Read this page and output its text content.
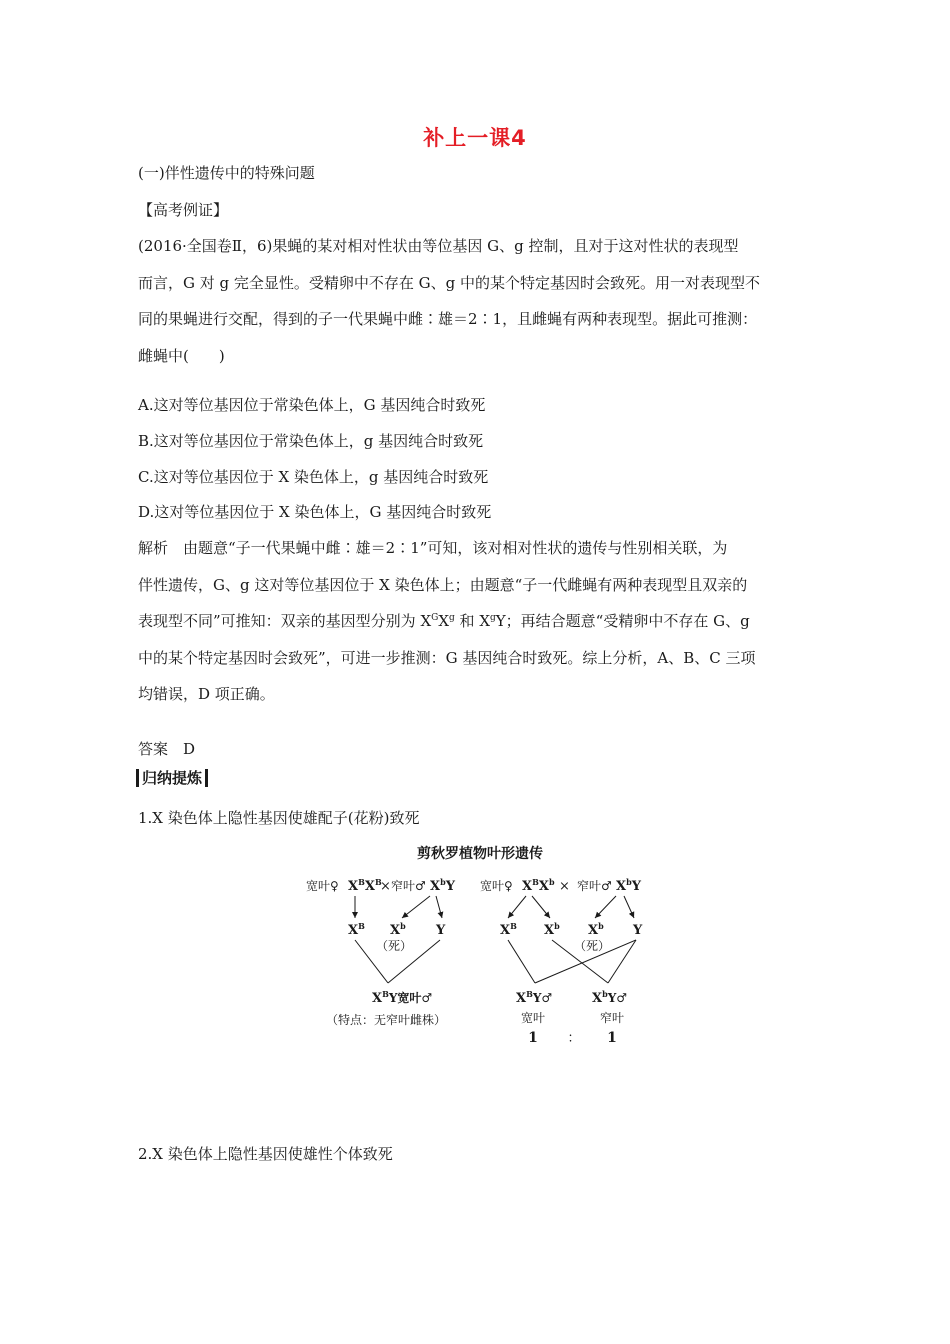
补上一课4
(一)伴性遗传中的特殊问题
【高考例证】
(2016·全国卷Ⅱ，6)果蝇的某对相对性状由等位基因 G、g 控制，且对于这对性状的表现型
而言，G 对 g 完全显性。受精卵中不存在 G、g 中的某个特定基因时会致死。用一对表现型不
同的果蝇进行交配，得到的子一代果蝇中雌∶雄＝2∶1，且雌蝇有两种表现型。据此可推测：
雌蝇中(　　)
A.这对等位基因位于常染色体上，G 基因纯合时致死
B.这对等位基因位于常染色体上，g 基因纯合时致死
C.这对等位基因位于 X 染色体上，g 基因纯合时致死
D.这对等位基因位于 X 染色体上，G 基因纯合时致死
解析　由题意“子一代果蝇中雌∶雄＝2∶1”可知，该对相对性状的遗传与性别相关联，为
伴性遗传，G、g 这对等位基因位于 X 染色体上；由题意“子一代雌蝇有两种表现型且双亲的
表现型不同”可推知：双亲的基因型分别为 $X^GX^g$ 和 $X^gY$；再结合题意“受精卵中不存在 G、g
中的某个特定基因时会致死”，可进一步推测：G 基因纯合时致死。综上分析，A、B、C 三项
均错误，D 项正确。
答案　D
归纳提炼
1.X 染色体上隐性基因使雄配子(花粉)致死
剪秋罗植物叶形遗传
宽叶♀ $X^BX^B$
× 窄叶♂ $X^bY$
$X^B$ $X^b$ Y
（死）
$X^BY$宽叶♂
（特点：无窄叶雌株）
宽叶♀ $X^BX^b$ × 窄叶♂ $X^bY$
$X^B$ $X^b$ $X^b$ Y
（死）
$X^BY♂$	$X^bY♂$
宽叶	窄叶
1 ： 1
2.X 染色体上隐性基因使雄性个体致死
